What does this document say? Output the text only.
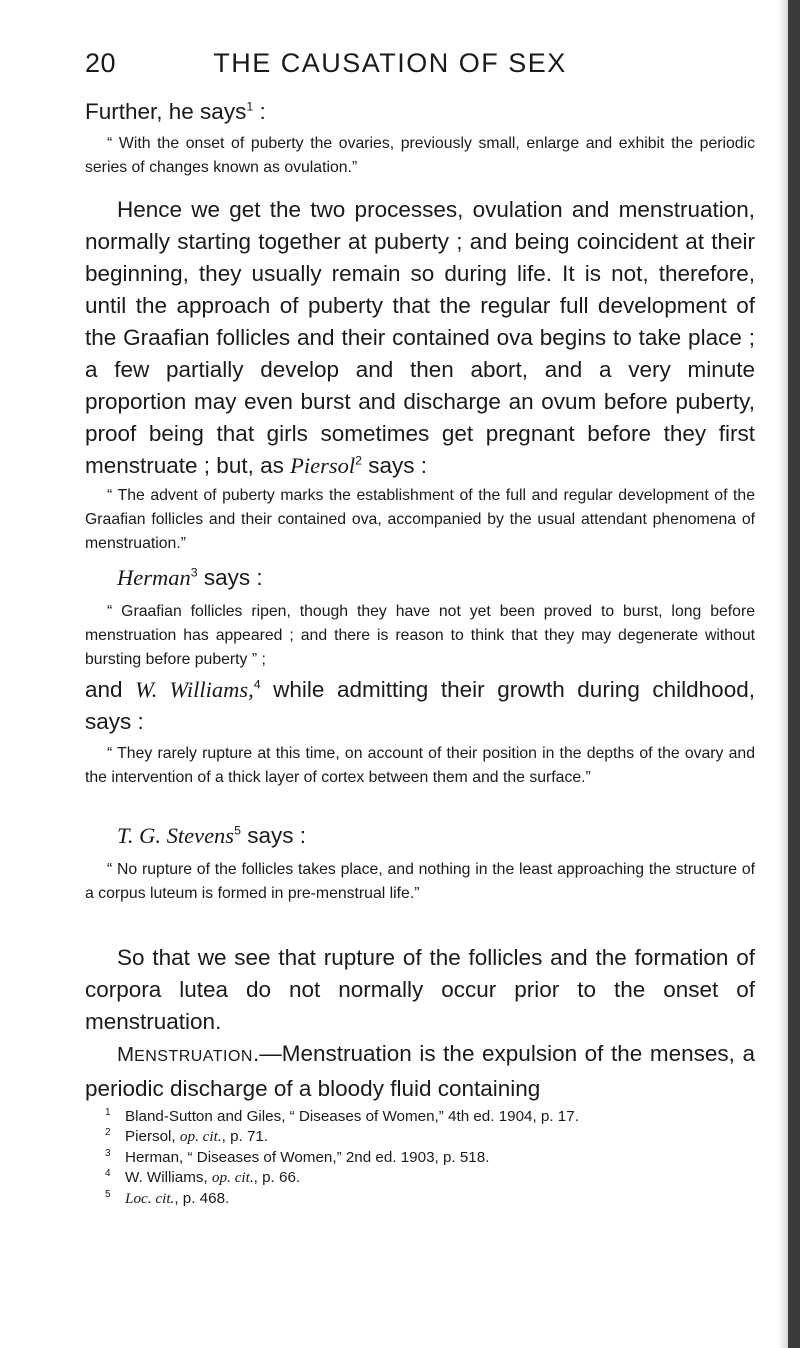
20	THE CAUSATION OF SEX

Further, he says$^1$ :

“ With the onset of puberty the ovaries, previously small, enlarge and exhibit the periodic series of changes known as ovulation.”

Hence we get the two processes, ovulation and menstruation, normally starting together at puberty ; and being coincident at their beginning, they usually remain so during life. It is not, therefore, until the approach of puberty that the regular full development of the Graafian follicles and their contained ova begins to take place ; a few partially develop and then abort, and a very minute proportion may even burst and discharge an ovum before puberty, proof being that girls sometimes get pregnant before they first menstruate ; but, as Piersol$^2$ says :

“ The advent of puberty marks the establishment of the full and regular development of the Graafian follicles and their contained ova, accompanied by the usual attendant phenomena of menstruation.”

Herman$^3$ says :

“ Graafian follicles ripen, though they have not yet been proved to burst, long before menstruation has appeared ; and there is reason to think that they may degenerate without bursting before puberty ” ;

and W. Williams,$^4$ while admitting their growth during childhood, says :

“ They rarely rupture at this time, on account of their position in the depths of the ovary and the intervention of a thick layer of cortex between them and the surface.”

T. G. Stevens$^5$ says :

“ No rupture of the follicles takes place, and nothing in the least approaching the structure of a corpus luteum is formed in pre-menstrual life.”

So that we see that rupture of the follicles and the formation of corpora lutea do not normally occur prior to the onset of menstruation.

MENSTRUATION.—Menstruation is the expulsion of the menses, a periodic discharge of a bloody fluid containing

1 Bland-Sutton and Giles, “ Diseases of Women,” 4th ed. 1904, p. 17.
2 Piersol, op. cit., p. 71.
3 Herman, “ Diseases of Women,” 2nd ed. 1903, p. 518.
4 W. Williams, op. cit., p. 66.
5 Loc. cit., p. 468.
